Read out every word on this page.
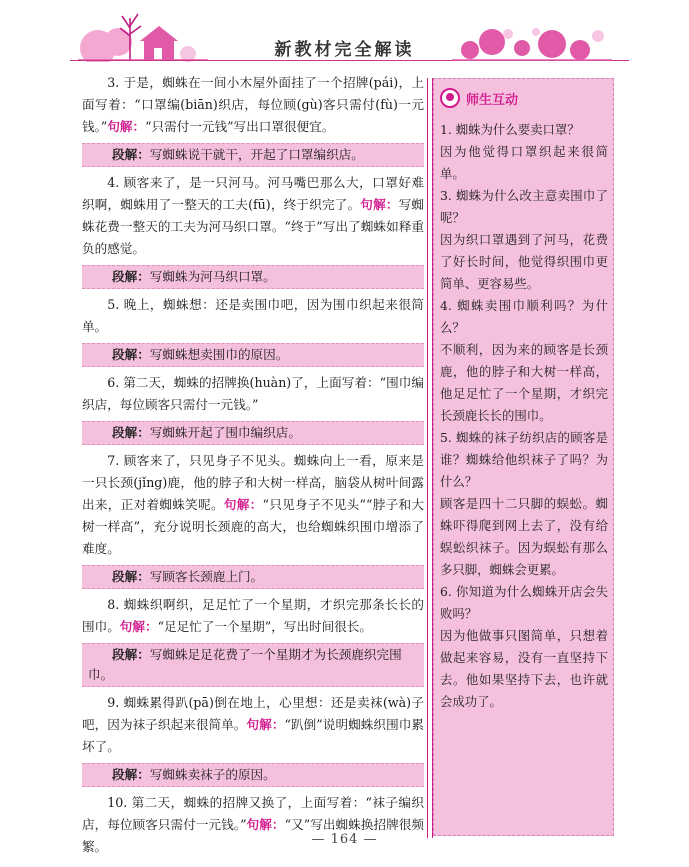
新教材完全解读

3. 于是，蜘蛛在一间小木屋外面挂了一个招牌(pái)，上面写着：“口罩编(biān)织店，每位顾(gù)客只需付(fù)一元钱。”句解：“只需付一元钱”写出口罩很便宜。

段解：写蜘蛛说干就干，开起了口罩编织店。

4. 顾客来了，是一只河马。河马嘴巴那么大，口罩好难织啊，蜘蛛用了一整天的工夫(fū)，终于织完了。句解：写蜘蛛花费一整天的工夫为河马织口罩。“终于”写出了蜘蛛如释重负的感觉。

段解：写蜘蛛为河马织口罩。

5. 晚上，蜘蛛想：还是卖围巾吧，因为围巾织起来很简单。

段解：写蜘蛛想卖围巾的原因。

6. 第二天，蜘蛛的招牌换(huàn)了，上面写着：“围巾编织店，每位顾客只需付一元钱。”

段解：写蜘蛛开起了围巾编织店。

7. 顾客来了，只见身子不见头。蜘蛛向上一看，原来是一只长颈(jǐng)鹿，他的脖子和大树一样高，脑袋从树叶间露出来，正对着蜘蛛笑呢。句解：“只见身子不见头”“脖子和大树一样高”，充分说明长颈鹿的高大，也给蜘蛛织围巾增添了难度。

段解：写顾客长颈鹿上门。

8. 蜘蛛织啊织，足足忙了一个星期，才织完那条长长的围巾。句解：“足足忙了一个星期”，写出时间很长。

段解：写蜘蛛足足花费了一个星期才为长颈鹿织完围巾。

9. 蜘蛛累得趴(pā)倒在地上，心里想：还是卖袜(wà)子吧，因为袜子织起来很简单。句解：“趴倒”说明蜘蛛织围巾累坏了。

段解：写蜘蛛卖袜子的原因。

10. 第二天，蜘蛛的招牌又换了，上面写着：“袜子编织店，每位顾客只需付一元钱。”句解：“又”写出蜘蛛换招牌很频繁。

师生互动

1. 蜘蛛为什么要卖口罩？

因为他觉得口罩织起来很简单。

3. 蜘蛛为什么改主意卖围巾了呢？

因为织口罩遇到了河马，花费了好长时间，他觉得织围巾更简单、更容易些。

4. 蜘蛛卖围巾顺利吗？为什么？

不顺利，因为来的顾客是长颈鹿，他的脖子和大树一样高，他足足忙了一个星期，才织完长颈鹿长长的围巾。

5. 蜘蛛的袜子纺织店的顾客是谁？蜘蛛给他织袜子了吗？为什么？

顾客是四十二只脚的蜈蚣。蜘蛛吓得爬到网上去了，没有给蜈蚣织袜子。因为蜈蚣有那么多只脚，蜘蛛会更累。

6. 你知道为什么蜘蛛开店会失败吗？

因为他做事只图简单，只想着做起来容易，没有一直坚持下去。他如果坚持下去，也许就会成功了。

— 164 —
